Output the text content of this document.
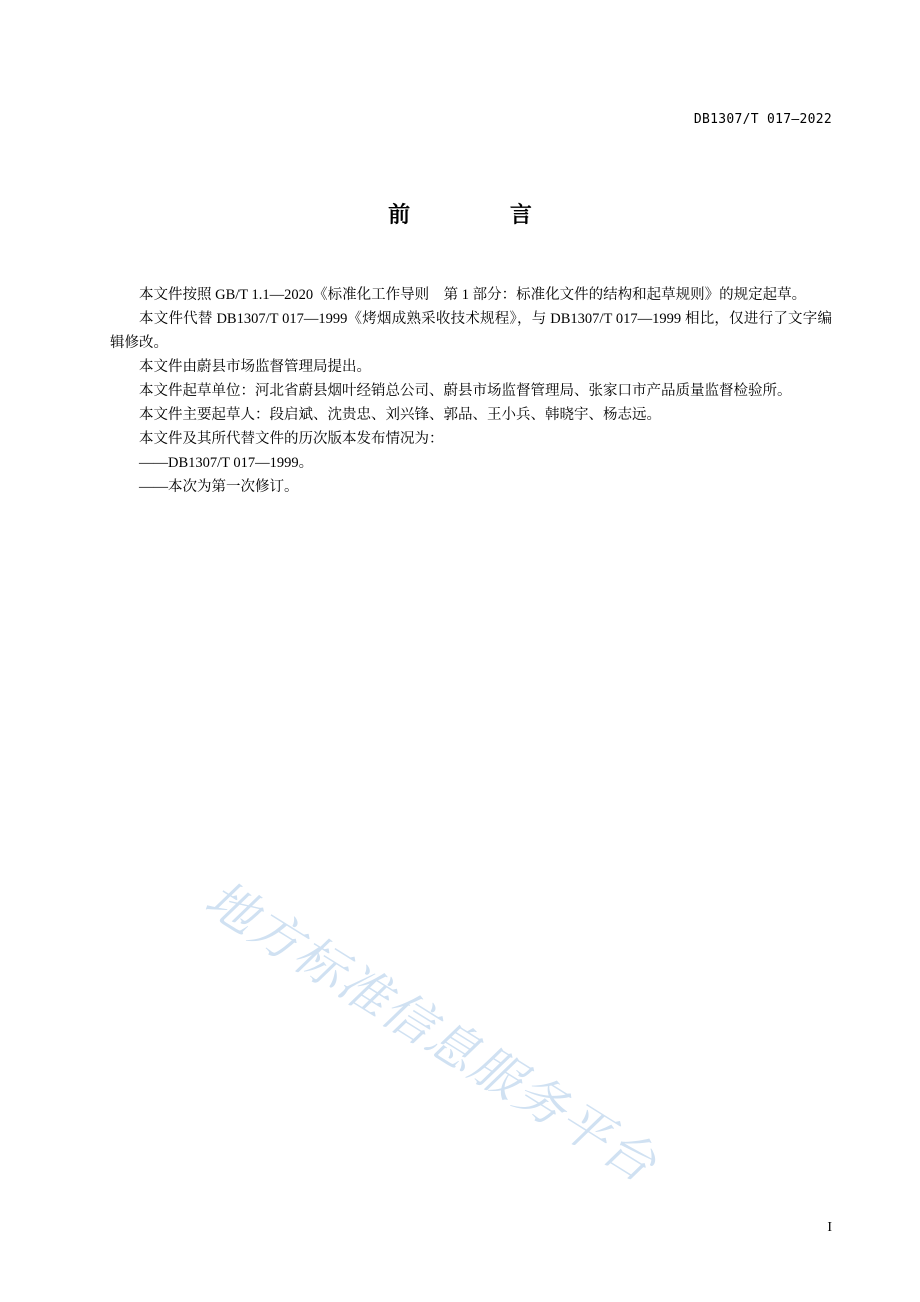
DB1307/T 017—2022
前 言

本文件按照 GB/T 1.1—2020《标准化工作导则　第 1 部分：标准化文件的结构和起草规则》的规定起草。

本文件代替 DB1307/T 017—1999《烤烟成熟采收技术规程》，与 DB1307/T 017—1999 相比，仅进行了文字编辑修改。

本文件由蔚县市场监督管理局提出。

本文件起草单位：河北省蔚县烟叶经销总公司、蔚县市场监督管理局、张家口市产品质量监督检验所。

本文件主要起草人：段启斌、沈贵忠、刘兴锋、郭品、王小兵、韩晓宇、杨志远。

本文件及其所代替文件的历次版本发布情况为：

——DB1307/T 017—1999。

——本次为第一次修订。

地方标准信息服务平台
I
